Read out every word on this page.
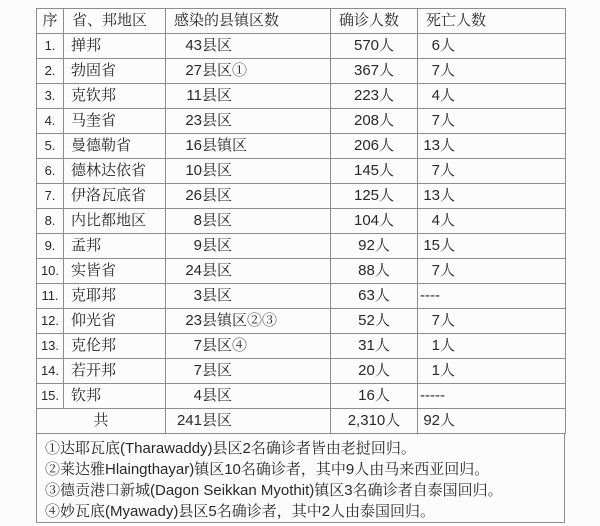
序	省、邦地区	感染的县镇区数	确诊人数	死亡人数
1.	掸邦	43县区	570人	6人
2.	勃固省	27县区①	367人	7人
3.	克钦邦	11县区	223人	4人
4.	马奎省	23县区	208人	7人
5.	曼德勒省	16县镇区	206人	13人
6.	德林达依省	10县区	145人	7人
7.	伊洛瓦底省	26县区	125人	13人
8.	内比都地区	8县区	104人	4人
9.	孟邦	9县区	92人	15人
10.	实皆省	24县区	88人	7人
11.	克耶邦	3县区	63人	----
12.	仰光省	23县镇区②③	52人	7人
13.	克伦邦	7县区④	31人	1人
14.	若开邦	7县区	20人	1人
15.	钦邦	4县区	16人	-----
共		241县区	2,310人	92人
①达耶瓦底(Tharawaddy)县区2名确诊者皆由老挝回归。
②莱达雅Hlaingthayar)镇区10名确诊者，其中9人由马来西亚回归。
③德贡港口新城(Dagon Seikkan Myothit)镇区3名确诊者自泰国回归。
④妙瓦底(Myawady)县区5名确诊者，其中2人由泰国回归。
